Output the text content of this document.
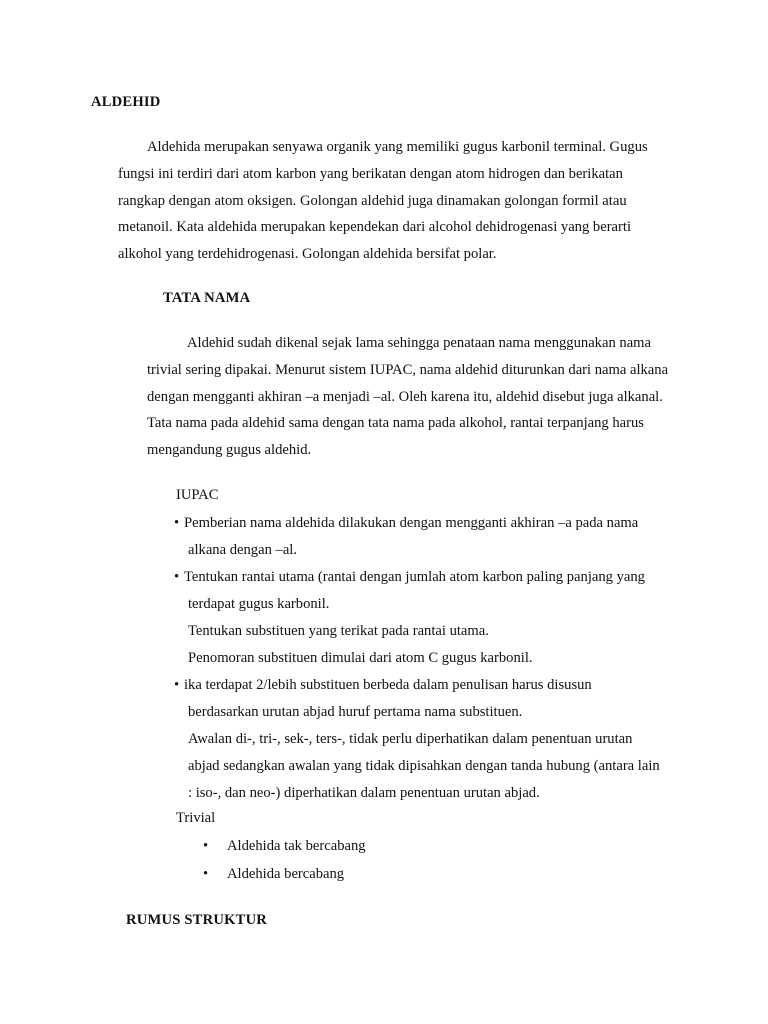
ALDEHID

Aldehida merupakan senyawa organik yang memiliki gugus karbonil terminal. Gugus fungsi ini terdiri dari atom karbon yang berikatan dengan atom hidrogen dan berikatan rangkap dengan atom oksigen. Golongan aldehid juga dinamakan golongan formil atau metanoil. Kata aldehida merupakan kependekan dari alcohol dehidrogenasi yang berarti alkohol yang terdehidrogenasi. Golongan aldehida bersifat polar.

TATA NAMA

Aldehid sudah dikenal sejak lama sehingga penataan nama menggunakan nama trivial sering dipakai. Menurut sistem IUPAC, nama aldehid diturunkan dari nama alkana dengan mengganti akhiran –a menjadi –al. Oleh karena itu, aldehid disebut juga alkanal. Tata nama pada aldehid sama dengan tata nama pada alkohol, rantai terpanjang harus mengandung gugus aldehid.

IUPAC
• Pemberian nama aldehida dilakukan dengan mengganti akhiran –a pada nama
alkana dengan –al.
• Tentukan rantai utama (rantai dengan jumlah atom karbon paling panjang yang
terdapat gugus karbonil.
Tentukan substituen yang terikat pada rantai utama.
Penomoran substituen dimulai dari atom C gugus karbonil.
• ika terdapat 2/lebih substituen berbeda dalam penulisan harus disusun
berdasarkan urutan abjad huruf pertama nama substituen.
Awalan di-, tri-, sek-, ters-, tidak perlu diperhatikan dalam penentuan urutan
abjad sedangkan awalan yang tidak dipisahkan dengan tanda hubung (antara lain
: iso-, dan neo-) diperhatikan dalam penentuan urutan abjad.
Trivial
• Aldehida tak bercabang
• Aldehida bercabang
RUMUS STRUKTUR
